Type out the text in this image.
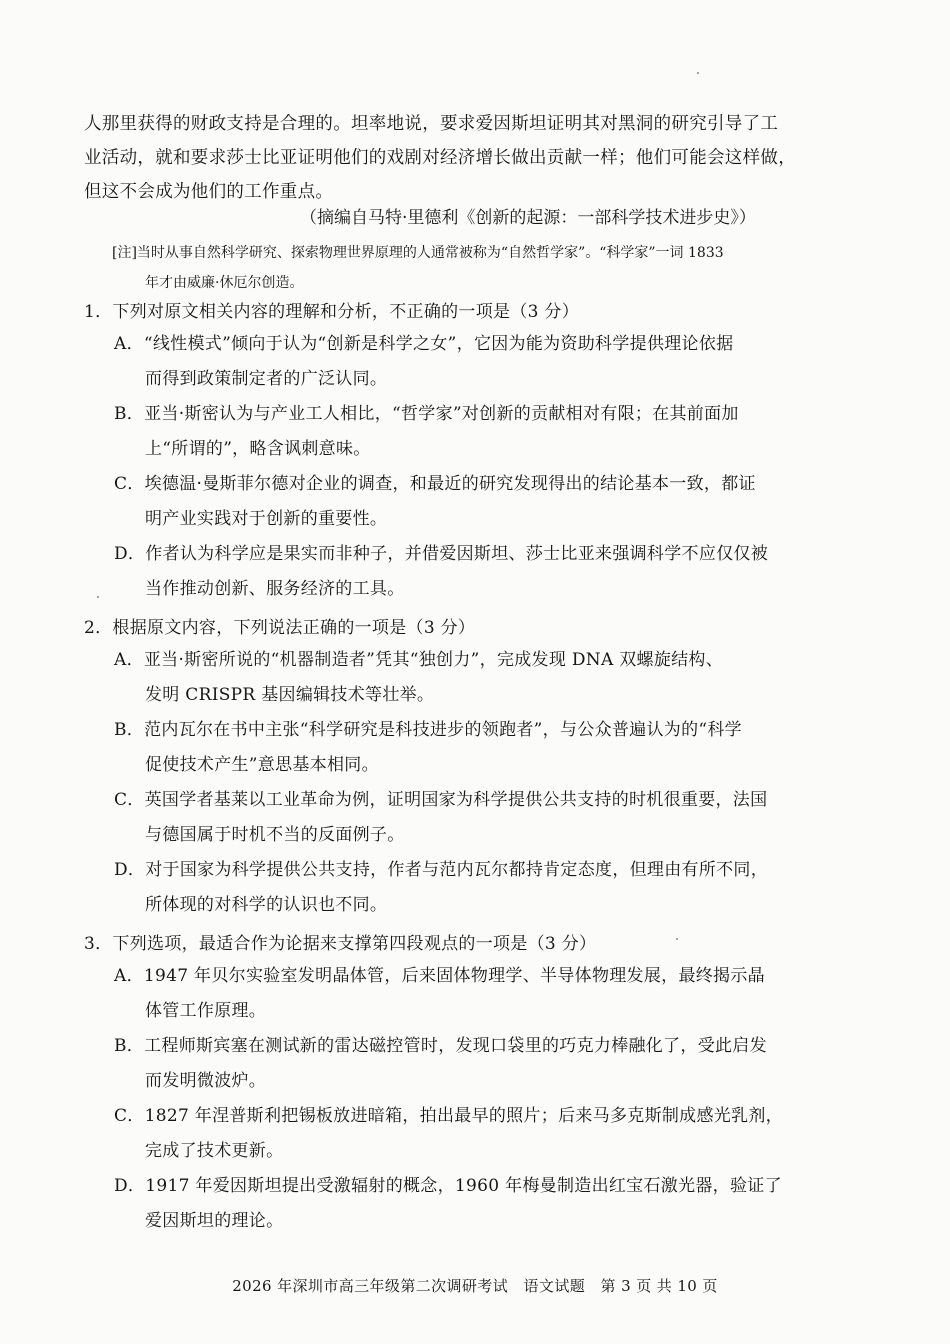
人那里获得的财政支持是合理的。坦率地说，要求爱因斯坦证明其对黑洞的研究引导了工
业活动，就和要求莎士比亚证明他们的戏剧对经济增长做出贡献一样；他们可能会这样做，
但这不会成为他们的工作重点。
（摘编自马特·里德利《创新的起源：一部科学技术进步史》）
[注]当时从事自然科学研究、探索物理世界原理的人通常被称为“自然哲学家”。“科学家”一词 1833
年才由威廉·休厄尔创造。
1．下列对原文相关内容的理解和分析，不正确的一项是（3 分）
A．“线性模式”倾向于认为“创新是科学之女”，它因为能为资助科学提供理论依据
而得到政策制定者的广泛认同。
B．亚当·斯密认为与产业工人相比，“哲学家”对创新的贡献相对有限；在其前面加
上“所谓的”，略含讽刺意味。
C．埃德温·曼斯菲尔德对企业的调查，和最近的研究发现得出的结论基本一致，都证
明产业实践对于创新的重要性。
D．作者认为科学应是果实而非种子，并借爱因斯坦、莎士比亚来强调科学不应仅仅被
当作推动创新、服务经济的工具。
2．根据原文内容，下列说法正确的一项是（3 分）
A．亚当·斯密所说的“机器制造者”凭其“独创力”，完成发现 DNA 双螺旋结构、
发明 CRISPR 基因编辑技术等壮举。
B．范内瓦尔在书中主张“科学研究是科技进步的领跑者”，与公众普遍认为的“科学
促使技术产生”意思基本相同。
C．英国学者基莱以工业革命为例，证明国家为科学提供公共支持的时机很重要，法国
与德国属于时机不当的反面例子。
D．对于国家为科学提供公共支持，作者与范内瓦尔都持肯定态度，但理由有所不同，
所体现的对科学的认识也不同。
3．下列选项，最适合作为论据来支撑第四段观点的一项是（3 分）
A．1947 年贝尔实验室发明晶体管，后来固体物理学、半导体物理发展，最终揭示晶
体管工作原理。
B．工程师斯宾塞在测试新的雷达磁控管时，发现口袋里的巧克力棒融化了，受此启发
而发明微波炉。
C．1827 年涅普斯利把锡板放进暗箱，拍出最早的照片；后来马多克斯制成感光乳剂，
完成了技术更新。
D．1917 年爱因斯坦提出受激辐射的概念，1960 年梅曼制造出红宝石激光器，验证了
爱因斯坦的理论。
2026 年深圳市高三年级第二次调研考试　语文试题　第 3 页 共 10 页
